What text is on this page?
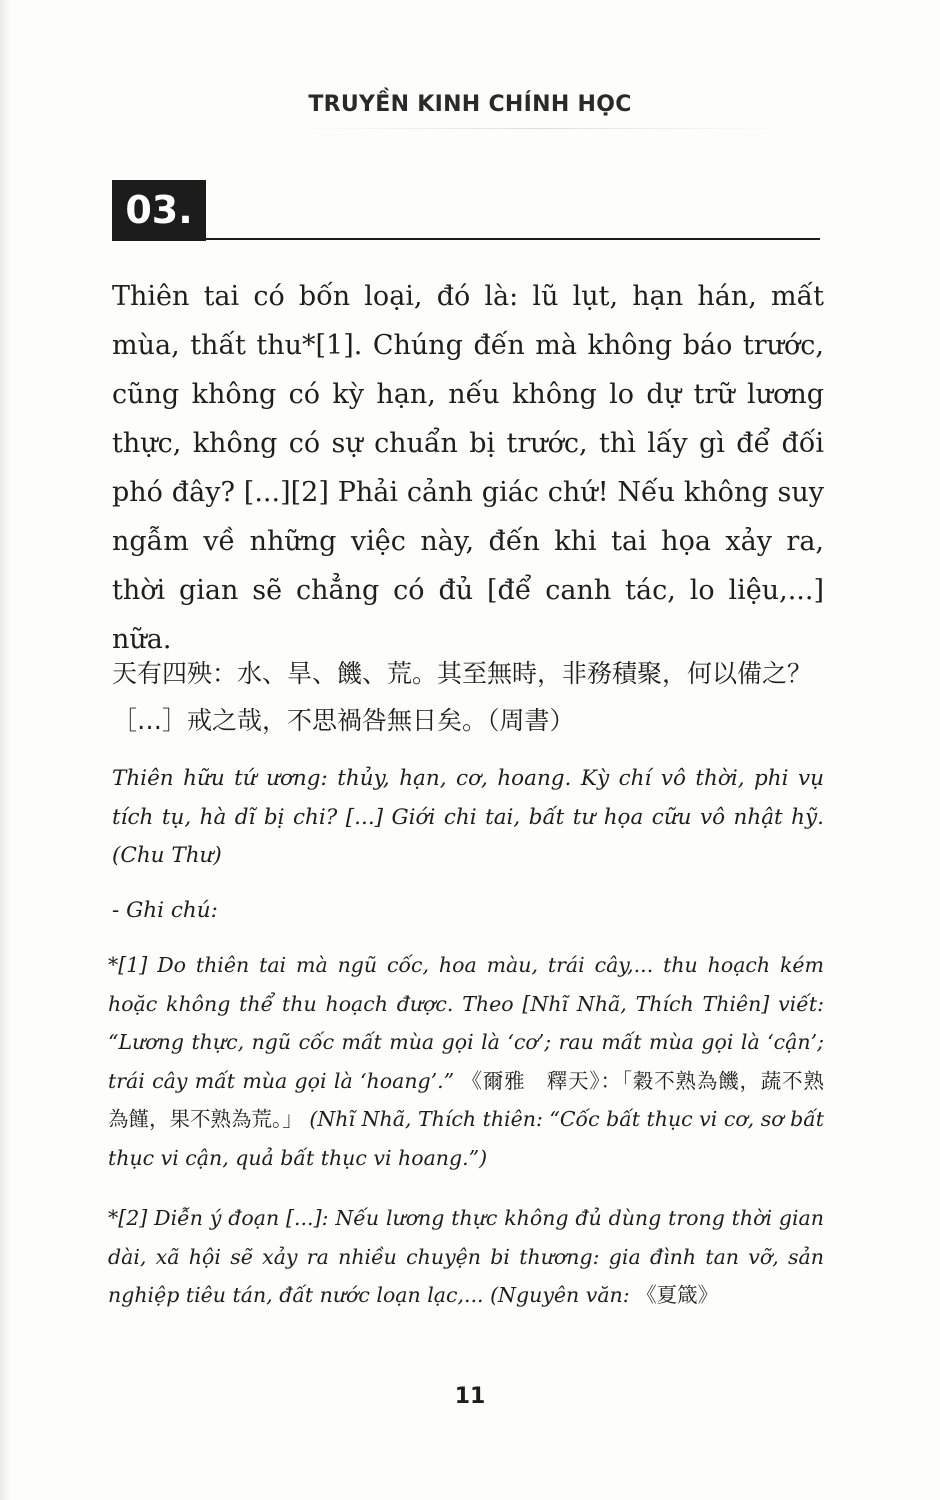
TRUYỀN KINH CHÍNH HỌC
03.

Thiên tai có bốn loại, đó là: lũ lụt, hạn hán, mất mùa, thất thu*[1]. Chúng đến mà không báo trước, cũng không có kỳ hạn, nếu không lo dự trữ lương thực, không có sự chuẩn bị trước, thì lấy gì để đối phó đây? [...][2] Phải cảnh giác chứ! Nếu không suy ngẫm về những việc này, đến khi tai họa xảy ra, thời gian sẽ chẳng có đủ [để canh tác, lo liệu,...] nữa.

天有四殃：水、旱、饑、荒。其至無時，非務積聚，何以備之？［…］戒之哉，不思禍咎無日矣。（周書）

Thiên hữu tứ ương: thủy, hạn, cơ, hoang. Kỳ chí vô thời, phi vụ tích tụ, hà dĩ bị chi? [...] Giới chi tai, bất tư họa cữu vô nhật hỹ. (Chu Thư)

- Ghi chú:

*[1] Do thiên tai mà ngũ cốc, hoa màu, trái cây,... thu hoạch kém hoặc không thể thu hoạch được. Theo [Nhĩ Nhã, Thích Thiên] viết: “Lương thực, ngũ cốc mất mùa gọi là ‘cơ’; rau mất mùa gọi là ‘cận’; trái cây mất mùa gọi là ‘hoang’.” 《爾雅　釋天》：「穀不熟為饑，蔬不熟為饉，果不熟為荒。」 (Nhĩ Nhã, Thích thiên: “Cốc bất thục vi cơ, sơ bất thục vi cận, quả bất thục vi hoang.”)

*[2] Diễn ý đoạn [...]: Nếu lương thực không đủ dùng trong thời gian dài, xã hội sẽ xảy ra nhiều chuyện bi thương: gia đình tan vỡ, sản nghiệp tiêu tán, đất nước loạn lạc,... (Nguyên văn: 《夏箴》

11
